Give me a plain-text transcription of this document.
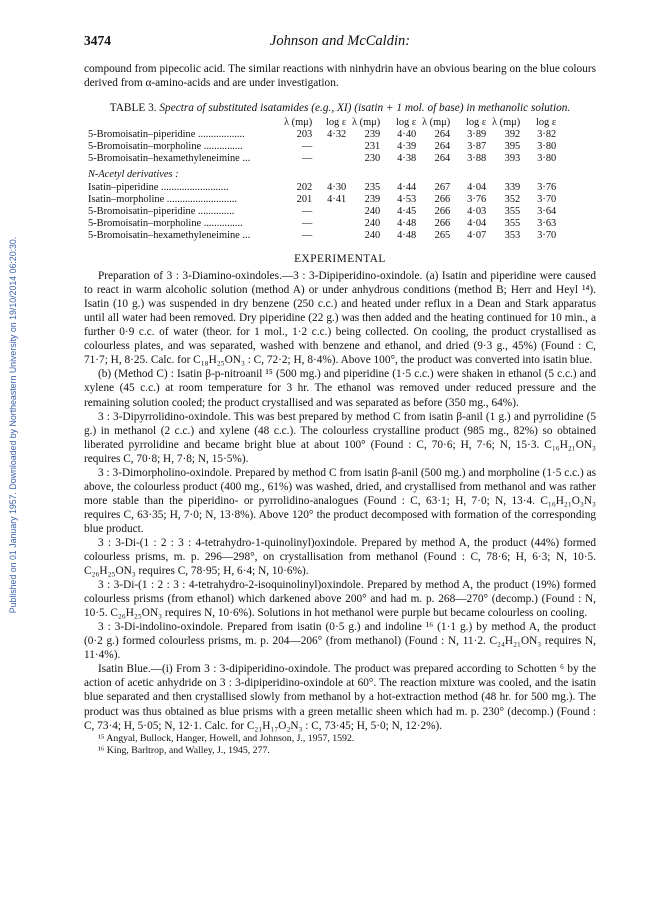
Published on 01 January 1957. Downloaded by Northeastern University on 19/10/2014 06:20:30.
3474	Johnson and McCaldin:

compound from pipecolic acid. The similar reactions with ninhydrin have an obvious bearing on the blue colours derived from α-amino-acids and are under investigation.

TABLE 3. Spectra of substituted isatamides (e.g., XI) (isatin + 1 mol. of base) in methanolic solution.
	λ (mμ)	log ε	λ (mμ)	log ε	λ (mμ)	log ε	λ (mμ)	log ε
5-Bromoisatin–piperidine ..................	203	4·32	239	4·40	264	3·89	392	3·82
5-Bromoisatin–morpholine ...............	—		231	4·39	264	3·87	395	3·80
5-Bromoisatin–hexamethyleneimine ...	—		230	4·38	264	3·88	393	3·80
N-Acetyl derivatives :								
Isatin–piperidine ..........................	202	4·30	235	4·44	267	4·04	339	3·76
Isatin–morpholine ...........................	201	4·41	239	4·53	266	3·76	352	3·70
5-Bromoisatin–piperidine ..............	—		240	4·45	266	4·03	355	3·64
5-Bromoisatin–morpholine ...............	—		240	4·48	266	4·04	355	3·63
5-Bromoisatin–hexamethyleneimine ...	—		240	4·48	265	4·07	353	3·70
EXPERIMENTAL

Preparation of 3 : 3-Diamino-oxindoles.—3 : 3-Dipiperidino-oxindole. (a) Isatin and piperidine were caused to react in warm alcoholic solution (method A) or under anhydrous conditions (method B; Herr and Heyl ¹⁴). Isatin (10 g.) was suspended in dry benzene (250 c.c.) and heated under reflux in a Dean and Stark apparatus until all water had been removed. Dry piperidine (22 g.) was then added and the heating continued for 10 min., a further 0·9 c.c. of water (theor. for 1 mol., 1·2 c.c.) being collected. On cooling, the product crystallised as colourless plates, and was separated, washed with benzene and ethanol, and dried (9·3 g., 45%) (Found : C, 71·7; H, 8·25. Calc. for C₁₈H₂₅ON₃ : C, 72·2; H, 8·4%). Above 100°, the product was converted into isatin blue.

(b) (Method C) : Isatin β-p-nitroanil ¹⁵ (500 mg.) and piperidine (1·5 c.c.) were shaken in ethanol (5 c.c.) and xylene (45 c.c.) at room temperature for 3 hr. The ethanol was removed under reduced pressure and the remaining solution cooled; the product crystallised and was separated as before (350 mg., 64%).

3 : 3-Dipyrrolidino-oxindole. This was best prepared by method C from isatin β-anil (1 g.) and pyrrolidine (5 g.) in methanol (2 c.c.) and xylene (48 c.c.). The colourless crystalline product (985 mg., 82%) so obtained liberated pyrrolidine and became bright blue at about 100° (Found : C, 70·6; H, 7·6; N, 15·3. C₁₆H₂₁ON₃ requires C, 70·8; H, 7·8; N, 15·5%).

3 : 3-Dimorpholino-oxindole. Prepared by method C from isatin β-anil (500 mg.) and morpholine (1·5 c.c.) as above, the colourless product (400 mg., 61%) was washed, dried, and crystallised from methanol and was rather more stable than the piperidino- or pyrrolidino-analogues (Found : C, 63·1; H, 7·0; N, 13·4. C₁₆H₂₁O₃N₃ requires C, 63·35; H, 7·0; N, 13·8%). Above 120° the product decomposed with formation of the corresponding blue product.

3 : 3-Di-(1 : 2 : 3 : 4-tetrahydro-1-quinolinyl)oxindole. Prepared by method A, the product (44%) formed colourless prisms, m. p. 296—298°, on crystallisation from methanol (Found : C, 78·6; H, 6·3; N, 10·5. C₂₆H₂₅ON₃ requires C, 78·95; H, 6·4; N, 10·6%).

3 : 3-Di-(1 : 2 : 3 : 4-tetrahydro-2-isoquinolinyl)oxindole. Prepared by method A, the product (19%) formed colourless prisms (from ethanol) which darkened above 200° and had m. p. 268—270° (decomp.) (Found : N, 10·5. C₂₆H₂₅ON₃ requires N, 10·6%). Solutions in hot methanol were purple but became colourless on cooling.

3 : 3-Di-indolino-oxindole. Prepared from isatin (0·5 g.) and indoline ¹⁶ (1·1 g.) by method A, the product (0·2 g.) formed colourless prisms, m. p. 204—206° (from methanol) (Found : N, 11·2. C₂₄H₂₁ON₃ requires N, 11·4%).

Isatin Blue.—(i) From 3 : 3-dipiperidino-oxindole. The product was prepared according to Schotten ⁶ by the action of acetic anhydride on 3 : 3-dipiperidino-oxindole at 60°. The reaction mixture was cooled, and the isatin blue separated and then crystallised slowly from methanol by a hot-extraction method (48 hr. for 500 mg.). The product was thus obtained as blue prisms with a green metallic sheen which had m. p. 230° (decomp.) (Found : C, 73·4; H, 5·05; N, 12·1. Calc. for C₂₁H₁₇O₂N₃ : C, 73·45; H, 5·0; N, 12·2%).

¹⁵ Angyal, Bullock, Hanger, Howell, and Johnson, J., 1957, 1592.

¹⁶ King, Barltrop, and Walley, J., 1945, 277.
